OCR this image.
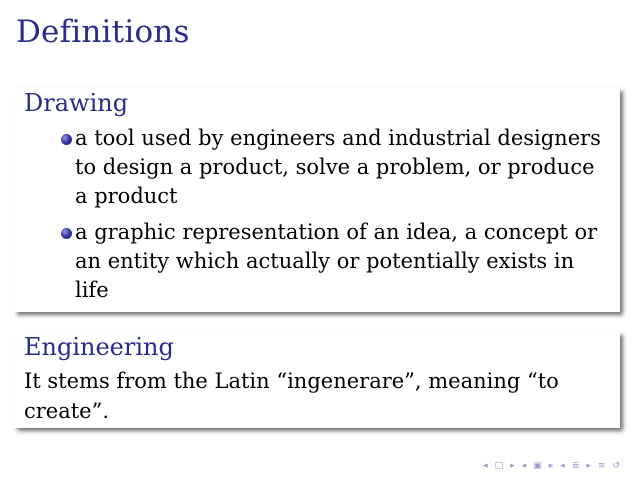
Definitions
Drawing
a tool used by engineers and industrial designers to design a product, solve a problem, or produce a product
a graphic representation of an idea, a concept or an entity which actually or potentially exists in life
Engineering

It stems from the Latin “ingenerare”, meaning “to create”.

◂ □ ▸ ◂ ▣ ▸ ◂ ≣ ▸ ≡ ↺
